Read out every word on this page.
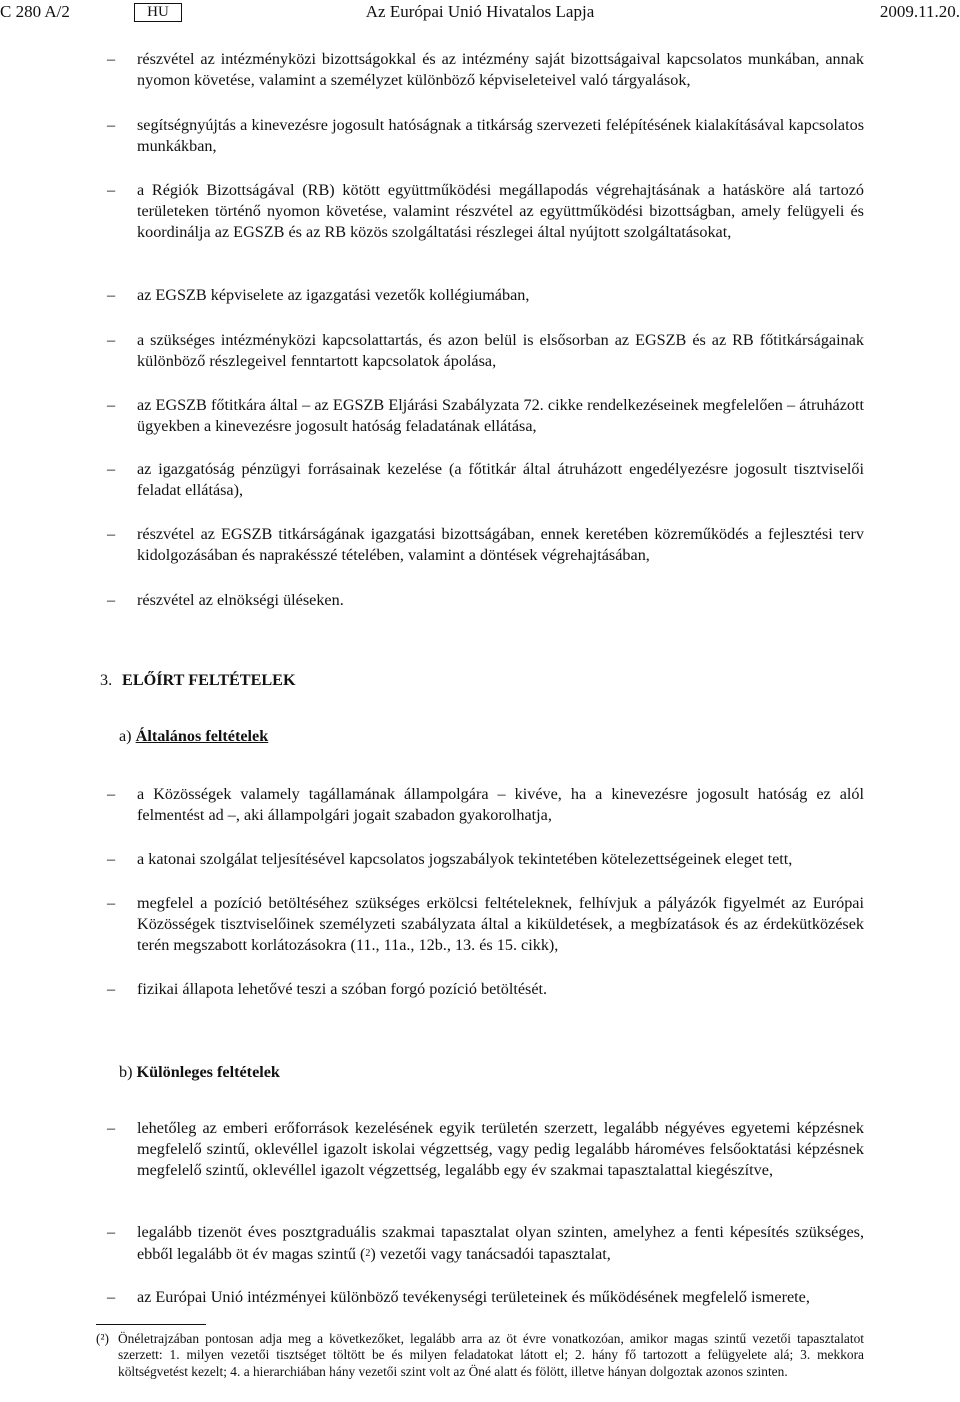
C 280 A/2	HU	Az Európai Unió Hivatalos Lapja	2009.11.20.
– részvétel az intézményközi bizottságokkal és az intézmény saját bizottságaival kapcsolatos munkában, annak nyomon követése, valamint a személyzet különböző képviseleteivel való tárgyalások,
– segítségnyújtás a kinevezésre jogosult hatóságnak a titkárság szervezeti felépítésének kialakításával kapcsolatos munkákban,
– a Régiók Bizottságával (RB) kötött együttműködési megállapodás végrehajtásának a hatásköre alá tartozó területeken történő nyomon követése, valamint részvétel az együttműködési bizottságban, amely felügyeli és koordinálja az EGSZB és az RB közös szolgáltatási részlegei által nyújtott szolgáltatásokat,
– az EGSZB képviselete az igazgatási vezetők kollégiumában,
– a szükséges intézményközi kapcsolattartás, és azon belül is elsősorban az EGSZB és az RB főtitkárságainak különböző részlegeivel fenntartott kapcsolatok ápolása,
– az EGSZB főtitkára által – az EGSZB Eljárási Szabályzata 72. cikke rendelkezéseinek megfelelően – átruházott ügyekben a kinevezésre jogosult hatóság feladatának ellátása,
– az igazgatóság pénzügyi forrásainak kezelése (a főtitkár által átruházott engedélyezésre jogosult tisztviselői feladat ellátása),
– részvétel az EGSZB titkárságának igazgatási bizottságában, ennek keretében közreműködés a fejlesztési terv kidolgozásában és naprakésszé tételében, valamint a döntések végrehajtásában,
– részvétel az elnökségi üléseken.
3. ELŐÍRT FELTÉTELEK
a) Általános feltételek
– a Közösségek valamely tagállamának állampolgára – kivéve, ha a kinevezésre jogosult hatóság ez alól felmentést ad –, aki állampolgári jogait szabadon gyakorolhatja,
– a katonai szolgálat teljesítésével kapcsolatos jogszabályok tekintetében kötelezettségeinek eleget tett,
– megfelel a pozíció betöltéséhez szükséges erkölcsi feltételeknek, felhívjuk a pályázók figyelmét az Európai Közösségek tisztviselőinek személyzeti szabályzata által a kiküldetések, a megbízatások és az érdekütközések terén megszabott korlátozásokra (11., 11a., 12b., 13. és 15. cikk),
– fizikai állapota lehetővé teszi a szóban forgó pozíció betöltését.
b) Különleges feltételek
– lehetőleg az emberi erőforrások kezelésének egyik területén szerzett, legalább négyéves egyetemi képzésnek megfelelő szintű, oklevéllel igazolt iskolai végzettség, vagy pedig legalább hároméves felsőoktatási képzésnek megfelelő szintű, oklevéllel igazolt végzettség, legalább egy év szakmai tapasztalattal kiegészítve,
– legalább tizenöt éves posztgraduális szakmai tapasztalat olyan szinten, amelyhez a fenti képesítés szükséges, ebből legalább öt év magas szintű ($^2$) vezetői vagy tanácsadói tapasztalat,
– az Európai Unió intézményei különböző tevékenységi területeinek és működésének megfelelő ismerete,
(²) Önéletrajzában pontosan adja meg a következőket, legalább arra az öt évre vonatkozóan, amikor magas szintű vezetői tapasztalatot szerzett: 1. milyen vezetői tisztséget töltött be és milyen feladatokat látott el; 2. hány fő tartozott a felügyelete alá; 3. mekkora költségvetést kezelt; 4. a hierarchiában hány vezetői szint volt az Öné alatt és fölött, illetve hányan dolgoztak azonos szinten.
